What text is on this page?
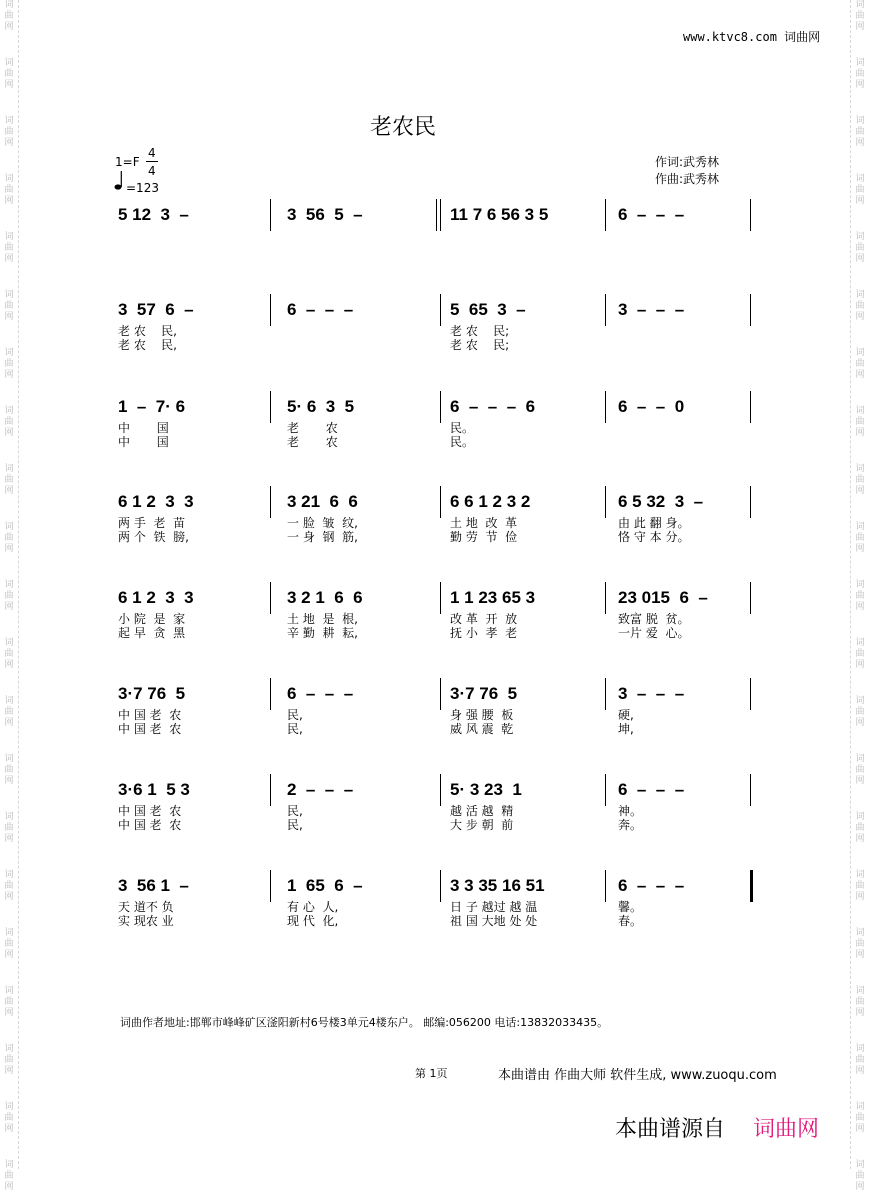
词
曲
网
词
曲
网
词
曲
网
词
曲
网
词
曲
网
词
曲
网
词
曲
网
词
曲
网
词
曲
网
词
曲
网
词
曲
网
词
曲
网
词
曲
网
词
曲
网
词
曲
网
词
曲
网
词
曲
网
词
曲
网
词
曲
网
词
曲
网
词
曲
网
词
曲
网
词
曲
网
词
曲
网
词
曲
网
词
曲
网
词
曲
网
词
曲
网
词
曲
网
词
曲
网
词
曲
网
词
曲
网
词
曲
网
词
曲
网
词
曲
网
词
曲
网
词
曲
网
词
曲
网
词
曲
网
词
曲
网
词
曲
网
词
曲
网
www.ktvc8.com 词曲网
老农民
1=F
4
4
=123
作词:武秀林
作曲:武秀林
5 12  3  –	3  56  5  –	11 7 6 56 3 5	6  –  –  –
3  57  6  –
老 农    民,
老 农    民,
6  –  –  –	5  65  3  –
老 农    民;
老 农    民;
3  –  –  –
1  –  7· 6
中       国
中       国
5· 6  3  5
老       农
老       农
6  –  –  –  6
民。
民。
6  –  –  0
6 1 2  3  3
两 手  老  苗
两 个  铁  膀,
3 21  6  6
一 脸  皱  纹,
一 身  钢  筋,
6 6 1 2 3 2
土 地  改  革
勤 劳  节  俭
6 5 32  3  –
由 此 翻 身。
恪 守 本 分。
6 1 2  3  3
小 院  是  家
起 早  贪  黑
3 2 1  6  6
土 地  是  根,
辛 勤  耕  耘,
1 1 23 65 3
改 革  开  放
抚 小  孝  老
23 015  6  –
致富 脱  贫。
一片 爱  心。
3·7 76  5
中 国 老  农
中 国 老  农
6  –  –  –
民,
民,
3·7 76  5
身 强 腰  板
威 风 震  乾
3  –  –  –
硬,
坤,
3·6 1  5 3
中 国 老  农
中 国 老  农
2  –  –  –
民,
民,
5· 3 23  1
越 活 越  精
大 步 朝  前
6  –  –  –
神。
奔。
3  56 1  –
天 道不 负
实 现农 业
1  65  6  –
有 心  人,
现 代  化,
3 3 35 16 51
日 子 越过 越 温
祖 国 大地 处 处
6  –  –  –
馨。
春。
词曲作者地址:邯郸市峰峰矿区滏阳新村6号楼3单元4楼东户。 邮编:056200 电话:13832033435。
第 1页	本曲谱由 作曲大师 软件生成, www.zuoqu.com
本曲谱源自 词曲网
